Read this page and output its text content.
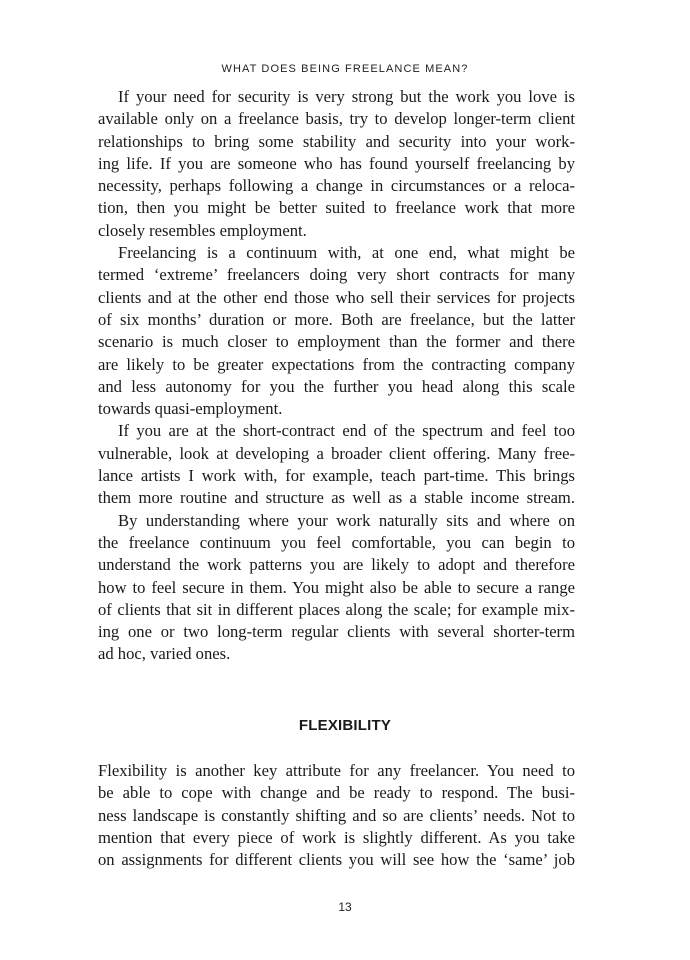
WHAT DOES BEING FREELANCE MEAN?
If your need for security is very strong but the work you love is
available only on a freelance basis, try to develop longer-term client
relationships to bring some stability and security into your work-
ing life. If you are someone who has found yourself freelancing by
necessity, perhaps following a change in circumstances or a reloca-
tion, then you might be better suited to freelance work that more
closely resembles employment.
Freelancing is a continuum with, at one end, what might be
termed ‘extreme’ freelancers doing very short contracts for many
clients and at the other end those who sell their services for projects
of six months’ duration or more. Both are freelance, but the latter
scenario is much closer to employment than the former and there
are likely to be greater expectations from the contracting company
and less autonomy for you the further you head along this scale
towards quasi-employment.
If you are at the short-contract end of the spectrum and feel too
vulnerable, look at developing a broader client offering. Many free-
lance artists I work with, for example, teach part-time. This brings
them more routine and structure as well as a stable income stream.
By understanding where your work naturally sits and where on
the freelance continuum you feel comfortable, you can begin to
understand the work patterns you are likely to adopt and therefore
how to feel secure in them. You might also be able to secure a range
of clients that sit in different places along the scale; for example mix-
ing one or two long-term regular clients with several shorter-term
ad hoc, varied ones.
FLEXIBILITY
Flexibility is another key attribute for any freelancer. You need to
be able to cope with change and be ready to respond. The busi-
ness landscape is constantly shifting and so are clients’ needs. Not to
mention that every piece of work is slightly different. As you take
on assignments for different clients you will see how the ‘same’ job
13
